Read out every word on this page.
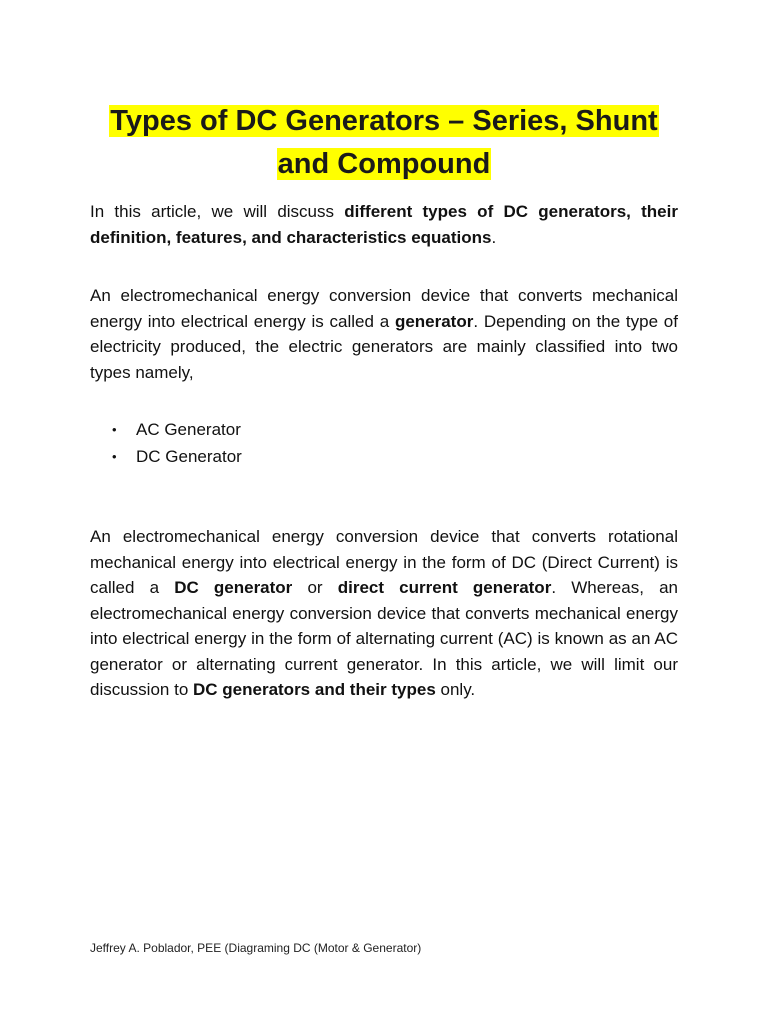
Types of DC Generators – Series, Shunt
and Compound

In this article, we will discuss different types of DC generators, their definition, features, and characteristics equations.

An electromechanical energy conversion device that converts mechanical energy into electrical energy is called a generator. Depending on the type of electricity produced, the electric generators are mainly classified into two types namely,

• AC Generator
• DC Generator

An electromechanical energy conversion device that converts rotational mechanical energy into electrical energy in the form of DC (Direct Current) is called a DC generator or direct current generator. Whereas, an electromechanical energy conversion device that converts mechanical energy into electrical energy in the form of alternating current (AC) is known as an AC generator or alternating current generator. In this article, we will limit our discussion to DC generators and their types only.

Jeffrey A. Poblador, PEE (Diagraming DC (Motor & Generator)
